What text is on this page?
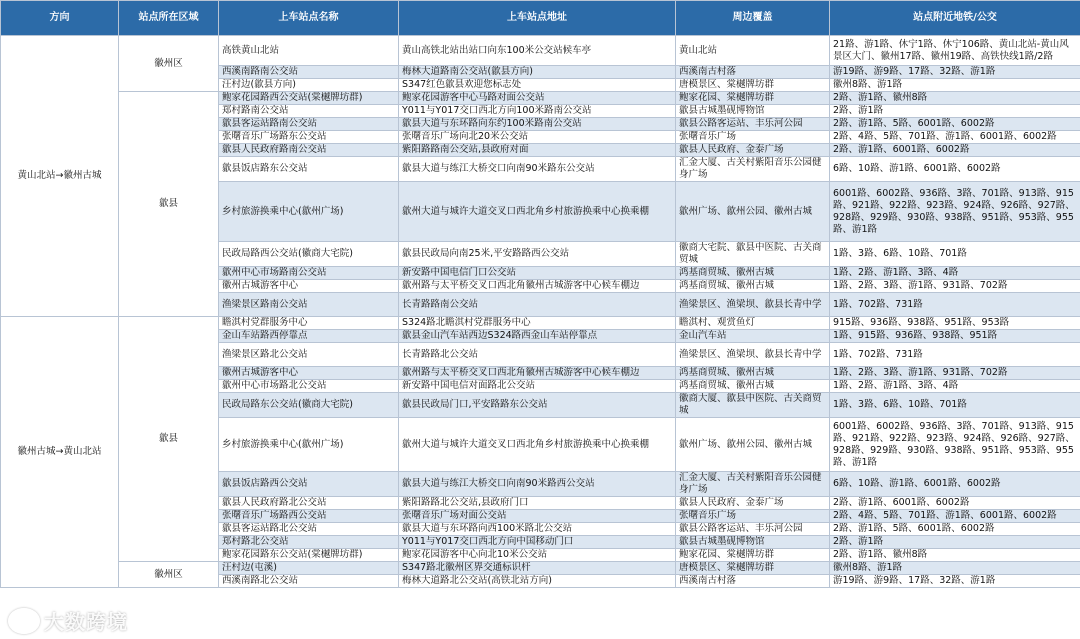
方向	站点所在区域	上车站点名称	上车站点地址	周边覆盖	站点附近地铁/公交
黄山北站→徽州古城	徽州区	高铁黄山北站	黄山高铁北站出站口向东100米公交站候车亭	黄山北站	21路、游1路、休宁1路、休宁106路、黄山北站-黄山风景区大门、徽州17路、徽州19路、高铁快线1路/2路
		西溪南路南公交站	梅林大道路南公交站(歙县方向)	西溪南古村落	游19路、游9路、17路、32路、游1路
		汪村边(歙县方向)	S347红色歙县欢迎您标志处	唐模景区、棠樾牌坊群	徽州8路、游1路
	歙县	鲍家花园路西公交站(棠樾牌坊群)	鲍家花园游客中心马路对面公交站	鲍家花园、棠樾牌坊群	2路、游1路、徽州8路
		郑村路南公交站	Y011与Y017交口西北方向100米路南公交站	歙县古城墨砚博物馆	2路、游1路
		歙县客运站路南公交站	歙县大道与东环路向东约100米路南公交站	歙县公路客运站、丰乐河公园	2路、游1路、5路、6001路、6002路
		张曙音乐广场路东公交站	张曙音乐广场向北20米公交站	张曙音乐广场	2路、4路、5路、701路、游1路、6001路、6002路
		歙县人民政府路南公交站	紫阳路路南公交站,县政府对面	歙县人民政府、金泰广场	2路、游1路、6001路、6002路
		歙县饭店路东公交站	歙县大道与练江大桥交口向南90米路东公交站	汇金大厦、古关村紫阳音乐公园健身广场	6路、10路、游1路、6001路、6002路
		乡村旅游换乘中心(歙州广场)	歙州大道与城许大道交叉口西北角乡村旅游换乘中心换乘棚	歙州广场、歙州公园、徽州古城	6001路、6002路、936路、3路、701路、913路、915路、921路、922路、923路、924路、926路、927路、928路、929路、930路、938路、951路、953路、955路、游1路
		民政局路西公交站(徽商大宅院)	歙县民政局向南25米,平安路路西公交站	徽商大宅院、歙县中医院、古关商贸城	1路、3路、6路、10路、701路
		歙州中心市场路南公交站	新安路中国电信门口公交站	鸿基商贸城、徽州古城	1路、2路、游1路、3路、4路
		徽州古城游客中心	歙州路与太平桥交叉口西北角徽州古城游客中心候车棚边	鸿基商贸城、徽州古城	1路、2路、3路、游1路、931路、702路
		渔梁景区路南公交站	长青路路南公交站	渔梁景区、渔梁坝、歙县长青中学	1路、702路、731路
徽州古城→黄山北站	歙县	瞻淇村党群服务中心	S324路北瞻淇村党群服务中心	瞻淇村、观赏鱼灯	915路、936路、938路、951路、953路
		金山车站路西停靠点	歙县金山汽车站西边S324路西金山车站停靠点	金山汽车站	1路、915路、936路、938路、951路
		渔梁景区路北公交站	长青路路北公交站	渔梁景区、渔梁坝、歙县长青中学	1路、702路、731路
		徽州古城游客中心	歙州路与太平桥交叉口西北角徽州古城游客中心候车棚边	鸿基商贸城、徽州古城	1路、2路、3路、游1路、931路、702路
		歙州中心市场路北公交站	新安路中国电信对面路北公交站	鸿基商贸城、徽州古城	1路、2路、游1路、3路、4路
		民政局路东公交站(徽商大宅院)	歙县民政局门口,平安路路东公交站	徽商大厦、歙县中医院、古关商贸城	1路、3路、6路、10路、701路
		乡村旅游换乘中心(歙州广场)	歙州大道与城许大道交叉口西北角乡村旅游换乘中心换乘棚	歙州广场、歙州公园、徽州古城	6001路、6002路、936路、3路、701路、913路、915路、921路、922路、923路、924路、926路、927路、928路、929路、930路、938路、951路、953路、955路、游1路
		歙县饭店路西公交站	歙县大道与练江大桥交口向南90米路西公交站	汇金大厦、古关村紫阳音乐公园健身广场	6路、10路、游1路、6001路、6002路
		歙县人民政府路北公交站	紫阳路路北公交站,县政府门口	歙县人民政府、金泰广场	2路、游1路、6001路、6002路
		张曙音乐广场路西公交站	张曙音乐广场对面公交站	张曙音乐广场	2路、4路、5路、701路、游1路、6001路、6002路
		歙县客运站路北公交站	歙县大道与东环路向西100米路北公交站	歙县公路客运站、丰乐河公园	2路、游1路、5路、6001路、6002路
		郑村路北公交站	Y011与Y017交口西北方向中国移动门口	歙县古城墨砚博物馆	2路、游1路
		鲍家花园路东公交站(棠樾牌坊群)	鲍家花园游客中心向北10米公交站	鲍家花园、棠樾牌坊群	2路、游1路、徽州8路
	徽州区	汪村边(屯溪)	S347路北徽州区界交通标识杆	唐模景区、棠樾牌坊群	徽州8路、游1路
		西溪南路北公交站	梅林大道路北公交站(高铁北站方向)	西溪南古村落	游19路、游9路、17路、32路、游1路
大数跨境
